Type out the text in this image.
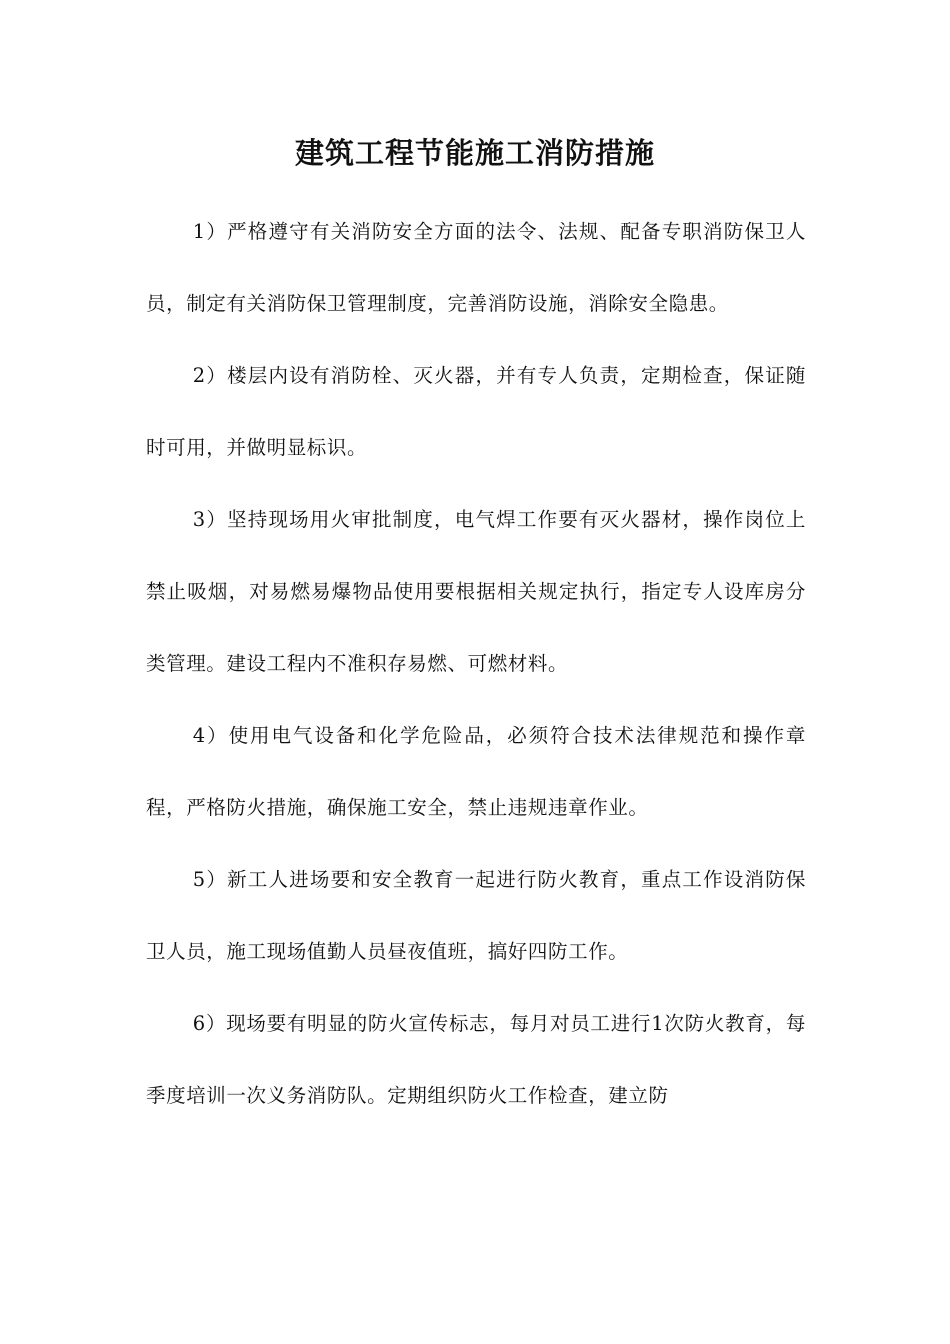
建筑工程节能施工消防措施

1）严格遵守有关消防安全方面的法令、法规、配备专职消防保卫人员，制定有关消防保卫管理制度，完善消防设施，消除安全隐患。

2）楼层内设有消防栓、灭火器，并有专人负责，定期检查，保证随时可用，并做明显标识。

3）坚持现场用火审批制度，电气焊工作要有灭火器材，操作岗位上禁止吸烟，对易燃易爆物品使用要根据相关规定执行，指定专人设库房分类管理。建设工程内不准积存易燃、可燃材料。

4）使用电气设备和化学危险品，必须符合技术法律规范和操作章程，严格防火措施，确保施工安全，禁止违规违章作业。

5）新工人进场要和安全教育一起进行防火教育，重点工作设消防保卫人员，施工现场值勤人员昼夜值班，搞好四防工作。

6）现场要有明显的防火宣传标志，每月对员工进行1次防火教育，每季度培训一次义务消防队。定期组织防火工作检查，建立防
